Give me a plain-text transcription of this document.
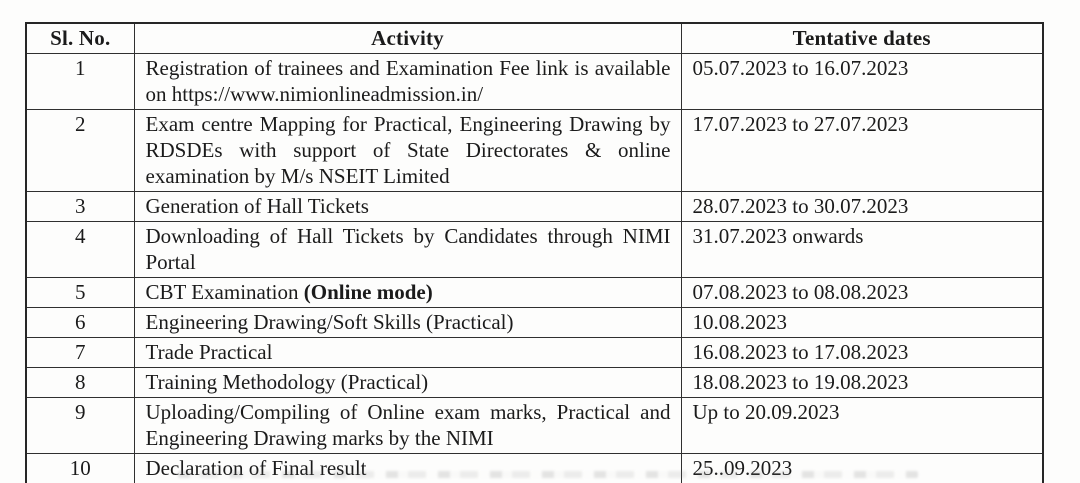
Sl. No.	Activity	Tentative dates
1	Registration of trainees and Examination Fee link is available on https://www.nimionlineadmission.in/	05.07.2023 to 16.07.2023
2	Exam centre Mapping for Practical, Engineering Drawing by RDSDEs with support of State Directorates & online examination by M/s NSEIT Limited	17.07.2023 to 27.07.2023
3	Generation of Hall Tickets	28.07.2023 to 30.07.2023
4	Downloading of Hall Tickets by Candidates through NIMI Portal	31.07.2023 onwards
5	CBT Examination (Online mode)	07.08.2023 to 08.08.2023
6	Engineering Drawing/Soft Skills (Practical)	10.08.2023
7	Trade Practical	16.08.2023 to 17.08.2023
8	Training Methodology (Practical)	18.08.2023 to 19.08.2023
9	Uploading/Compiling of Online exam marks, Practical and Engineering Drawing marks by the NIMI	Up to 20.09.2023
10	Declaration of Final result	25..09.2023
